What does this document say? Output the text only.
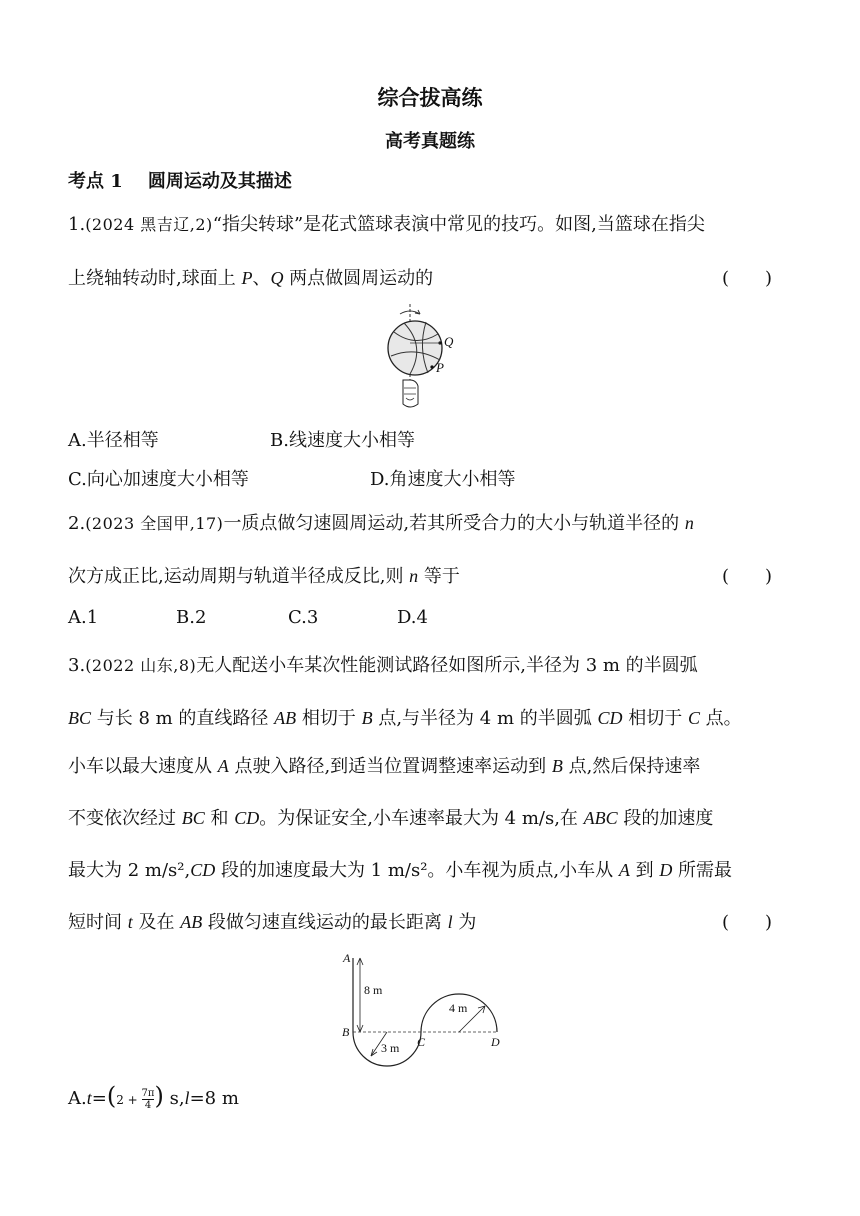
综合拔高练
高考真题练
考点 1 圆周运动及其描述
1.(2024 黑吉辽,2)“指尖转球”是花式篮球表演中常见的技巧。如图,当篮球在指尖
上绕轴转动时,球面上 P、Q 两点做圆周运动的	(　　)
Q
P
A.半径相等	B.线速度大小相等
C.向心加速度大小相等	D.角速度大小相等
2.(2023 全国甲,17)一质点做匀速圆周运动,若其所受合力的大小与轨道半径的 n
次方成正比,运动周期与轨道半径成反比,则 n 等于	(　　)
A.1	B.2	C.3	D.4
3.(2022 山东,8)无人配送小车某次性能测试路径如图所示,半径为 3 m 的半圆弧
BC 与长 8 m 的直线路径 AB 相切于 B 点,与半径为 4 m 的半圆弧 CD 相切于 C 点。
小车以最大速度从 A 点驶入路径,到适当位置调整速率运动到 B 点,然后保持速率
不变依次经过 BC 和 CD。为保证安全,小车速率最大为 4 m/s,在 ABC 段的加速度
最大为 2 m/s²,CD 段的加速度最大为 1 m/s²。小车视为质点,小车从 A 到 D 所需最
短时间 t 及在 AB 段做匀速直线运动的最长距离 l 为	(　　)
8 m
3 m
4 m
A
B
C	D
$A.t=(2 + \frac{7\pi}{4}$ ) s,l=8 m
